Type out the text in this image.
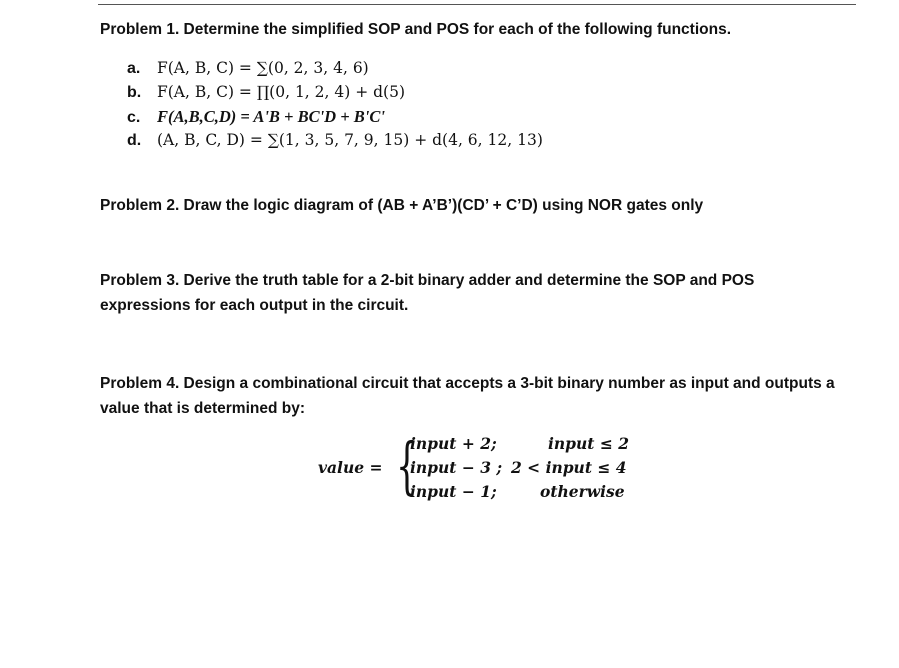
Problem 1. Determine the simplified SOP and POS for each of the following functions.
a. F(A, B, C) = ∑(0, 2, 3, 4, 6)
b. F(A, B, C) = ∏(0, 1, 2, 4) + d(5)
c. F(A,B,C,D) = A'B + BC'D + B'C'
d. (A, B, C, D) = ∑(1, 3, 5, 7, 9, 15) + d(4, 6, 12, 13)
Problem 2. Draw the logic diagram of (AB + A’B’)(CD’ + C’D) using NOR gates only
Problem 3. Derive the truth table for a 2-bit binary adder and determine the SOP and POS expressions for each output in the circuit.
Problem 4. Design a combinational circuit that accepts a 3-bit binary number as input and outputs a value that is determined by:
value = {
input + 2;	input ≤ 2
input − 3 ; 2 < input ≤ 4
input − 1;	otherwise
